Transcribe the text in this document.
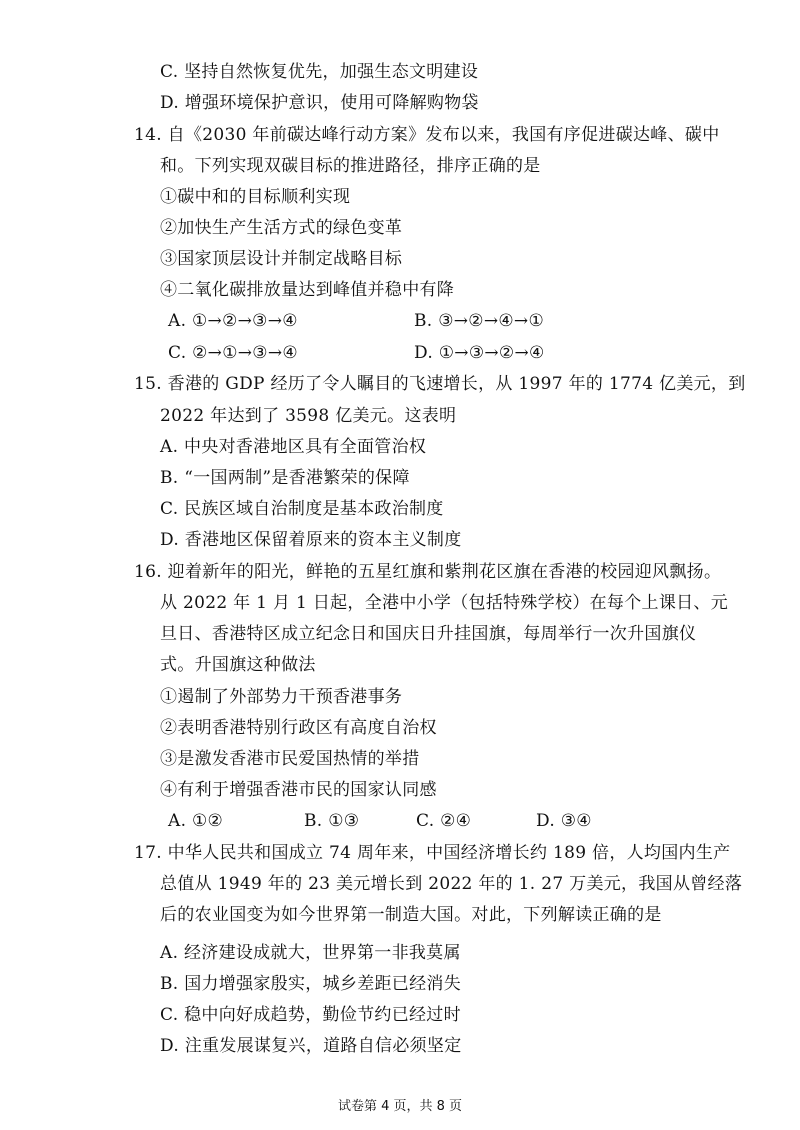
C. 坚持自然恢复优先，加强生态文明建设
D. 增强环境保护意识，使用可降解购物袋
14. 自《2030 年前碳达峰行动方案》发布以来，我国有序促进碳达峰、碳中
和。下列实现双碳目标的推进路径，排序正确的是
①碳中和的目标顺利实现
②加快生产生活方式的绿色变革
③国家顶层设计并制定战略目标
④二氧化碳排放量达到峰值并稳中有降
A. ①→②→③→④	B. ③→②→④→①
C. ②→①→③→④	D. ①→③→②→④
15. 香港的 GDP 经历了令人瞩目的飞速增长，从 1997 年的 1774 亿美元，到
2022 年达到了 3598 亿美元。这表明
A. 中央对香港地区具有全面管治权
B. “一国两制”是香港繁荣的保障
C. 民族区域自治制度是基本政治制度
D. 香港地区保留着原来的资本主义制度
16. 迎着新年的阳光，鲜艳的五星红旗和紫荆花区旗在香港的校园迎风飘扬。
从 2022 年 1 月 1 日起，全港中小学（包括特殊学校）在每个上课日、元
旦日、香港特区成立纪念日和国庆日升挂国旗，每周举行一次升国旗仪
式。升国旗这种做法
①遏制了外部势力干预香港事务
②表明香港特别行政区有高度自治权
③是激发香港市民爱国热情的举措
④有利于增强香港市民的国家认同感
A. ①②	B. ①③	C. ②④	D. ③④
17. 中华人民共和国成立 74 周年来，中国经济增长约 189 倍，人均国内生产
总值从 1949 年的 23 美元增长到 2022 年的 1. 27 万美元，我国从曾经落
后的农业国变为如今世界第一制造大国。对此，下列解读正确的是
A. 经济建设成就大，世界第一非我莫属
B. 国力增强家殷实，城乡差距已经消失
C. 稳中向好成趋势，勤俭节约已经过时
D. 注重发展谋复兴，道路自信必须坚定
试卷第 4 页，共 8 页
